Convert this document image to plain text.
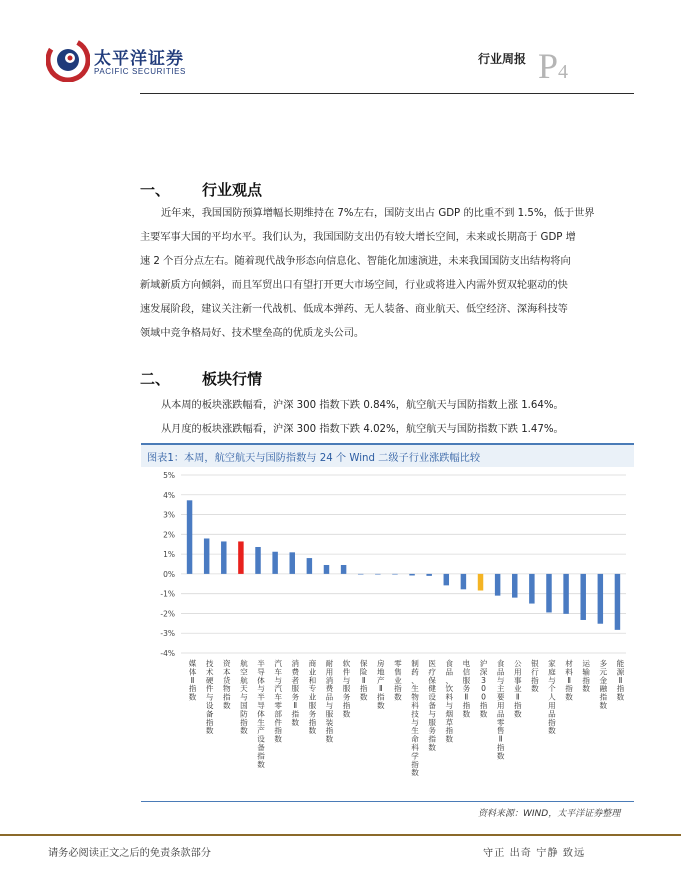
太平洋证券
PACIFIC SECURITIES
行业周报 P4
一、 行业观点
近年来，我国国防预算增幅长期维持在 7%左右，国防支出占 GDP 的比重不到 1.5%，低于世界
主要军事大国的平均水平。我们认为，我国国防支出仍有较大增长空间，未来或长期高于 GDP 增
速 2 个百分点左右。随着现代战争形态向信息化、智能化加速演进，未来我国国防支出结构将向
新域新质方向倾斜，而且军贸出口有望打开更大市场空间，行业或将进入内需外贸双轮驱动的快
速发展阶段，建议关注新一代战机、低成本弹药、无人装备、商业航天、低空经济、深海科技等
领域中竞争格局好、技术壁垒高的优质龙头公司。
二、 板块行情
从本周的板块涨跌幅看，沪深 300 指数下跌 0.84%，航空航天与国防指数上涨 1.64%。
从月度的板块涨跌幅看，沪深 300 指数下跌 4.02%，航空航天与国防指数下跌 1.47%。
图表1：本周，航空航天与国防指数与 24 个 Wind 二级子行业涨跌幅比较
-4%
-3%
-2%
-1%
0%
1%
2%
3%
4%
5%
媒体 Ⅱ 指数
技术硬件与设备指数
资本货物指数
航空航天与国防指数
半导体与半导体生产设备指数
汽车与汽车零部件指数
消费者服务 Ⅱ 指数
商业和专业服务指数
耐用消费品与服装指数
软件与服务指数
保险 Ⅱ 指数
房地产 Ⅱ 指数
零售业指数
制药、生物科技与生命科学指数
医疗保健设备与服务指数
食品、饮料与烟草指数
电信服务 Ⅱ 指数
沪深 3 0 0 指数
食品与主要用品零售 Ⅱ 指数
公用事业 Ⅱ 指数
银行指数
家庭与个人用品指数
材料 Ⅱ 指数
运输指数
多元金融指数
能源 Ⅱ 指数
资料来源：WIND，太平洋证券整理
请务必阅读正文之后的免责条款部分	守正 出奇 宁静 致远
